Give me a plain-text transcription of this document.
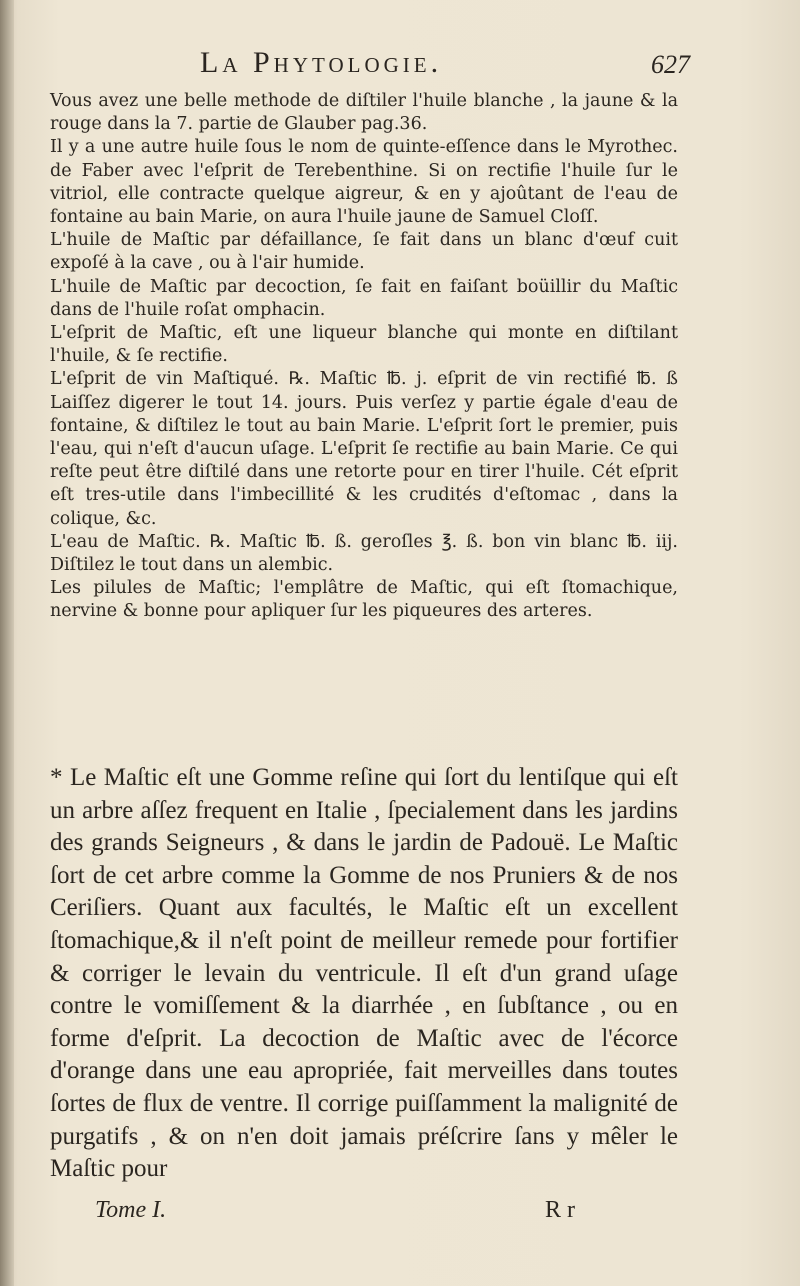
La Phytologie.	627

Vous avez une belle methode de diſtiler l'huile blanche , la jaune & la rouge dans la 7. partie de Glauber pag.36.

Il y a une autre huile ſous le nom de quinte-eſſence dans le Myrothec. de Faber avec l'eſprit de Terebenthine. Si on rectifie l'huile ſur le vitriol, elle contracte quelque aigreur, & en y ajoûtant de l'eau de fontaine au bain Marie, on aura l'huile jaune de Samuel Cloſſ.

L'huile de Maſtic par défaillance, ſe fait dans un blanc d'œuf cuit expoſé à la cave , ou à l'air humide.

L'huile de Maſtic par decoction, ſe fait en faiſant boüillir du Maſtic dans de l'huile roſat omphacin.

L'eſprit de Maſtic, eſt une liqueur blanche qui monte en diſtilant l'huile, & ſe rectifie.

L'eſprit de vin Maſtiqué. ℞. Maſtic ℔. j. eſprit de vin rectifié ℔. ß Laiſſez digerer le tout 14. jours. Puis verſez y partie égale d'eau de fontaine, & diſtilez le tout au bain Marie. L'eſprit ſort le premier, puis l'eau, qui n'eſt d'aucun uſage. L'eſprit ſe rectifie au bain Marie. Ce qui reſte peut être diſtilé dans une retorte pour en tirer l'huile. Cét eſprit eſt tres-utile dans l'imbecillité & les crudités d'eſtomac , dans la colique, &c.

L'eau de Maſtic. ℞. Maſtic ℔. ß. geroſles ℥. ß. bon vin blanc ℔. iij. Diſtilez le tout dans un alembic.

Les pilules de Maſtic; l'emplâtre de Maſtic, qui eſt ſtomachique, nervine & bonne pour apliquer ſur les piqueures des arteres.

* Le Maſtic eſt une Gomme reſine qui ſort du lentiſque qui eſt un arbre aſſez frequent en Italie , ſpecialement dans les jardins des grands Seigneurs , & dans le jardin de Padouë. Le Maſtic ſort de cet arbre comme la Gomme de nos Pruniers & de nos Ceriſiers. Quant aux facultés, le Maſtic eſt un excellent ſtomachique,& il n'eſt point de meilleur remede pour fortifier & corriger le levain du ventricule. Il eſt d'un grand uſage contre le vomiſſement & la diarrhée , en ſubſtance , ou en forme d'eſprit. La decoction de Maſtic avec de l'écorce d'orange dans une eau apropriée, fait merveilles dans toutes ſortes de flux de ventre. Il corrige puiſſamment la malignité de purgatifs , & on n'en doit jamais préſcrire ſans y mêler le Maſtic pour

Tome I.	R r
